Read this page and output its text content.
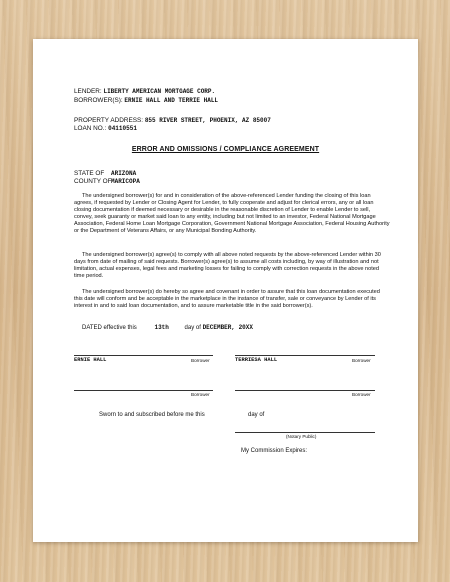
LENDER: LIBERTY AMERICAN MORTGAGE CORP.
BORROWER(S): ERNIE HALL AND TERRIE HALL
PROPERTY ADDRESS: 855 RIVER STREET, PHOENIX, AZ 85007
LOAN NO.: 04110551
ERROR AND OMISSIONS / COMPLIANCE AGREEMENT
STATE OF ARIZONA
COUNTY OF MARICOPA
The undersigned borrower(s) for and in consideration of the above-referenced Lender funding the closing of this loan agrees, if requested by Lender or Closing Agent for Lender, to fully cooperate and adjust for clerical errors, any or all loan closing documentation if deemed necessary or desirable in the reasonable discretion of Lender to enable Lender to sell, convey, seek guaranty or market said loan to any entity, including but not limited to an investor, Federal National Mortgage Association, Federal Home Loan Mortgage Corporation, Government National Mortgage Association, Federal Housing Authority or the Department of Veterans Affairs, or any Municipal Bonding Authority.
The undersigned borrower(s) agree(s) to comply with all above noted requests by the above-referenced Lender within 30 days from date of mailing of said requests. Borrower(s) agree(s) to assume all costs including, by way of illustration and not limitation, actual expenses, legal fees and marketing losses for failing to comply with correction requests in the above noted time period.
The undersigned borrower(s) do hereby so agree and covenant in order to assure that this loan documentation executed this date will conform and be acceptable in the marketplace in the instance of transfer, sale or conveyance by Lender of its interest in and to said loan documentation, and to assure marketable title in the said borrower(s).
DATED effective this	13th	day of DECEMBER, 20XX
ERNIE HALL	Borrower	TERRIESA HALL	Borrower
Borrower	Borrower
Sworn to and subscribed before me this	day of
(Notary Public)
My Commission Expires:
